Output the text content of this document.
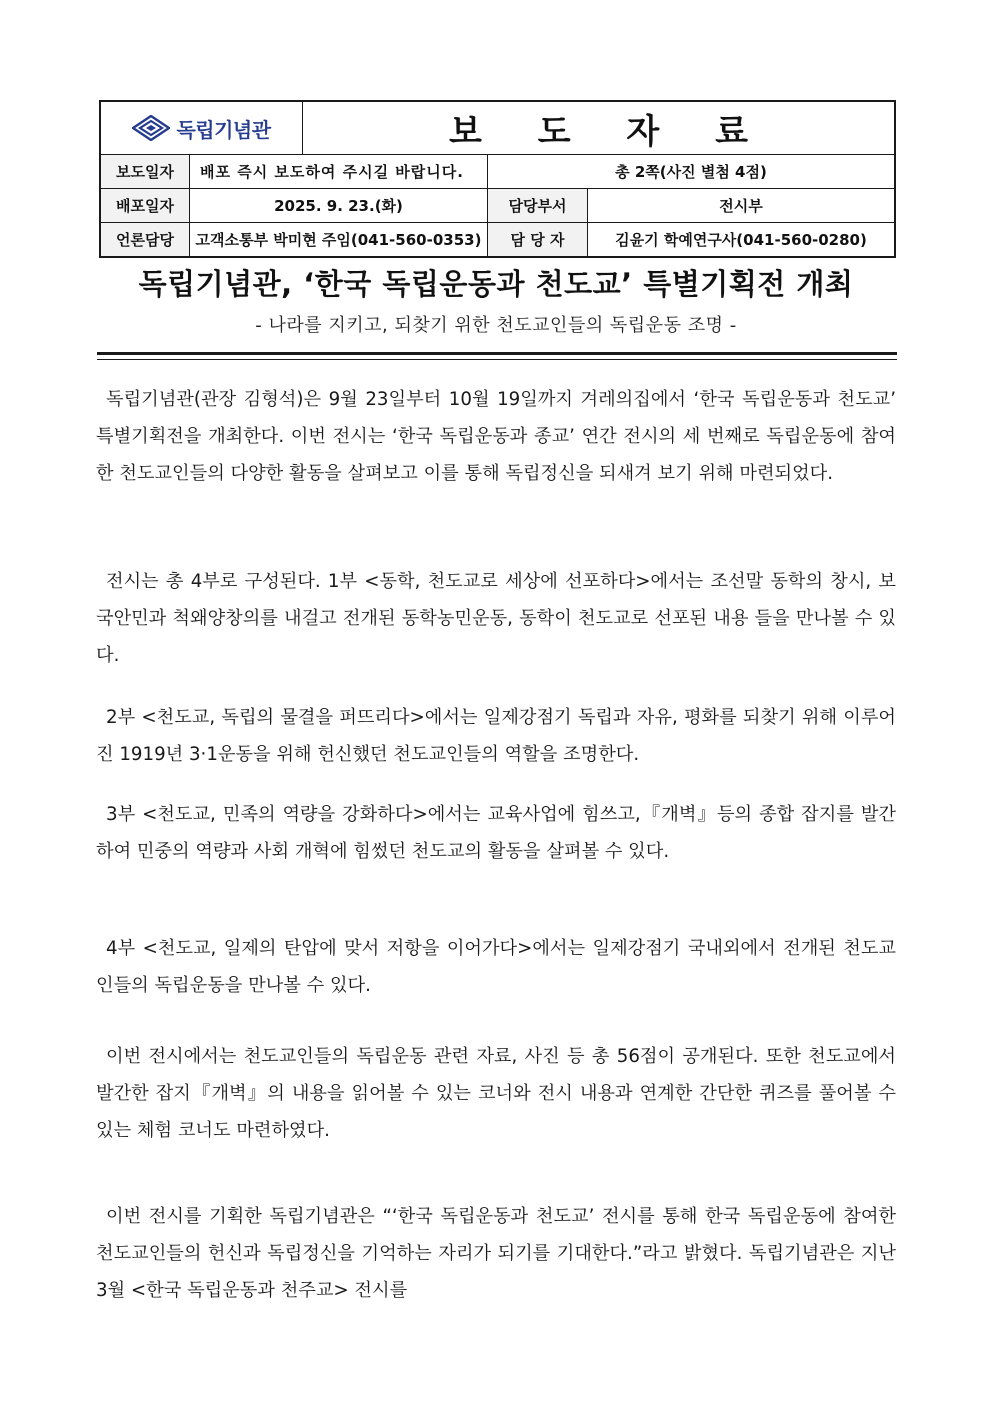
독립기념관	보 도 자 료
보도일자	배포 즉시 보도하여 주시길 바랍니다.	총 2쪽(사진 별첨 4점)
배포일자	2025. 9. 23.(화)	담당부서	전시부
언론담당	고객소통부 박미현 주임(041-560-0353)	담 당 자	김윤기 학예연구사(041-560-0280)
독립기념관, ‘한국 독립운동과 천도교’ 특별기획전 개최
- 나라를 지키고, 되찾기 위한 천도교인들의 독립운동 조명 -

독립기념관(관장 김형석)은 9월 23일부터 10월 19일까지 겨레의집에서 ‘한국 독립운동과 천도교’ 특별기획전을 개최한다. 이번 전시는 ‘한국 독립운동과 종교’ 연간 전시의 세 번째로 독립운동에 참여한 천도교인들의 다양한 활동을 살펴보고 이를 통해 독립정신을 되새겨 보기 위해 마련되었다.

전시는 총 4부로 구성된다. 1부 <동학, 천도교로 세상에 선포하다>에서는 조선말 동학의 창시, 보국안민과 척왜양창의를 내걸고 전개된 동학농민운동, 동학이 천도교로 선포된 내용 들을 만나볼 수 있다.

2부 <천도교, 독립의 물결을 퍼뜨리다>에서는 일제강점기 독립과 자유, 평화를 되찾기 위해 이루어진 1919년 3·1운동을 위해 헌신했던 천도교인들의 역할을 조명한다.

3부 <천도교, 민족의 역량을 강화하다>에서는 교육사업에 힘쓰고,『개벽』등의 종합 잡지를 발간하여 민중의 역량과 사회 개혁에 힘썼던 천도교의 활동을 살펴볼 수 있다.

4부 <천도교, 일제의 탄압에 맞서 저항을 이어가다>에서는 일제강점기 국내외에서 전개된 천도교인들의 독립운동을 만나볼 수 있다.

이번 전시에서는 천도교인들의 독립운동 관련 자료, 사진 등 총 56점이 공개된다. 또한 천도교에서 발간한 잡지『개벽』의 내용을 읽어볼 수 있는 코너와 전시 내용과 연계한 간단한 퀴즈를 풀어볼 수 있는 체험 코너도 마련하였다.

이번 전시를 기획한 독립기념관은 “‘한국 독립운동과 천도교’ 전시를 통해 한국 독립운동에 참여한 천도교인들의 헌신과 독립정신을 기억하는 자리가 되기를 기대한다.”라고 밝혔다. 독립기념관은 지난 3월 <한국 독립운동과 천주교> 전시를
